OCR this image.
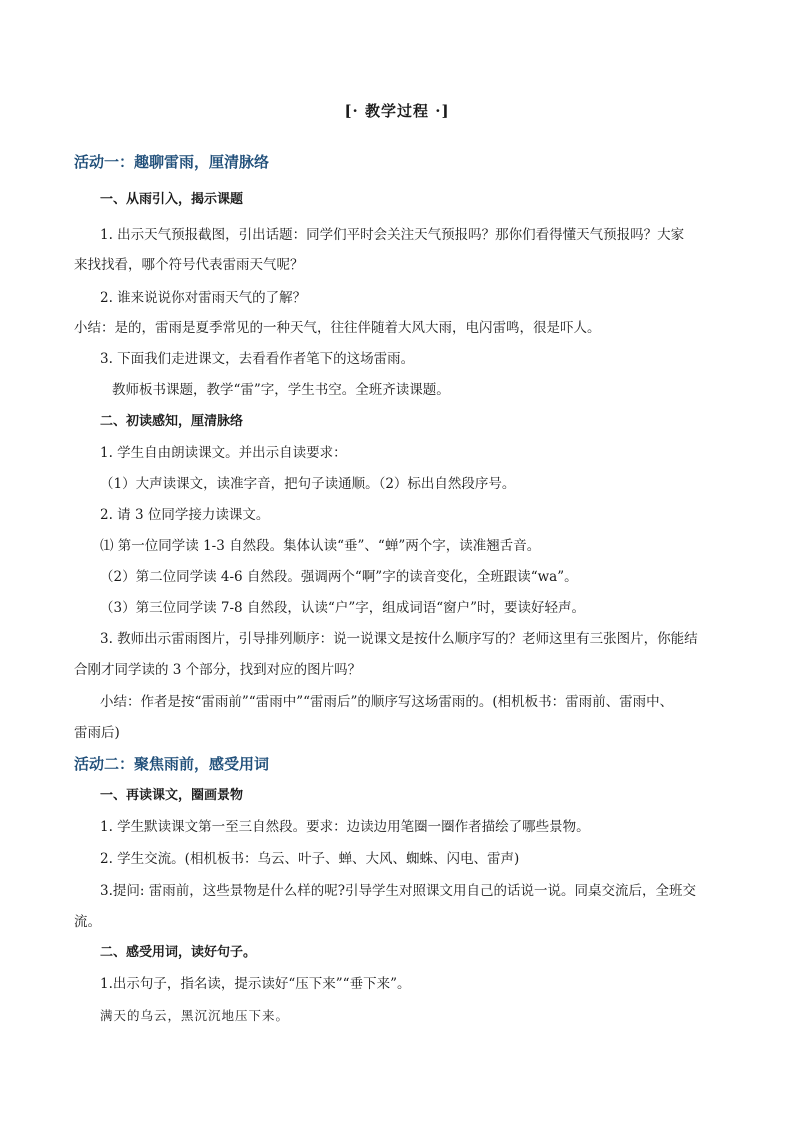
[· 教学过程 ·]
活动一：趣聊雷雨，厘清脉络
一、从雨引入，揭示课题
1. 出示天气预报截图，引出话题：同学们平时会关注天气预报吗？那你们看得懂天气预报吗？大家
来找找看，哪个符号代表雷雨天气呢？
2. 谁来说说你对雷雨天气的了解？
小结：是的，雷雨是夏季常见的一种天气，往往伴随着大风大雨，电闪雷鸣，很是吓人。
3. 下面我们走进课文，去看看作者笔下的这场雷雨。
教师板书课题，教学“雷”字，学生书空。全班齐读课题。
二、初读感知，厘清脉络
1. 学生自由朗读课文。并出示自读要求：
（1）大声读课文，读准字音，把句子读通顺。（2）标出自然段序号。
2. 请 3 位同学接力读课文。
⑴ 第一位同学读 1-3 自然段。集体认读“垂”、“蝉”两个字，读准翘舌音。
（2）第二位同学读 4-6 自然段。强调两个“啊”字的读音变化，全班跟读“wa”。
（3）第三位同学读 7-8 自然段，认读“户”字，组成词语“窗户”时，要读好轻声。
3. 教师出示雷雨图片，引导排列顺序：说一说课文是按什么顺序写的？老师这里有三张图片，你能结
合刚才同学读的 3 个部分，找到对应的图片吗？
小结：作者是按“雷雨前”“雷雨中”“雷雨后”的顺序写这场雷雨的。(相机板书：雷雨前、雷雨中、
雷雨后)
活动二：聚焦雨前，感受用词
一、再读课文，圈画景物
1. 学生默读课文第一至三自然段。要求：边读边用笔圈一圈作者描绘了哪些景物。
2. 学生交流。(相机板书：乌云、叶子、蝉、大风、蜘蛛、闪电、雷声)
3.提问: 雷雨前，这些景物是什么样的呢?引导学生对照课文用自己的话说一说。同桌交流后，全班交
流。
二、感受用词，读好句子。
1.出示句子，指名读，提示读好“压下来”“垂下来”。
满天的乌云，黑沉沉地压下来。
